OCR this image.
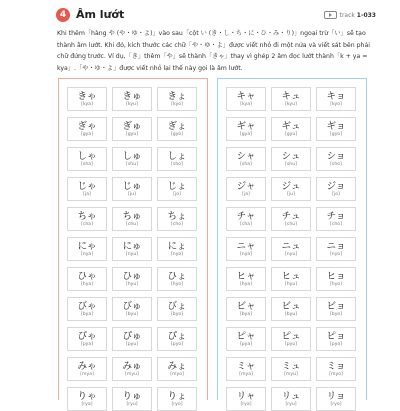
4 Âm lướt	track 1-033
Khi thêm「hàng や (や・ゆ・よ)」vào sau「cột い (き・し・ち・に・ひ・み・り)」ngoại trừ「い」sẽ tạo
thành âm lướt. Khi đó, kích thước các chữ「や・ゆ・よ」được viết nhỏ đi một nửa và viết sát bên phải
chữ đứng trước. Ví dụ,「き」thêm「や」sẽ thành「きゃ」thay vì ghép 2 âm đọc lướt thành「k + ya =
kya」.「や・ゆ・よ」được viết nhỏ lại thế này gọi là âm lướt.
きゃ
[kya]
きゅ
[kyu]
きょ
[kyo]
ぎゃ
[gya]
ぎゅ
[gyu]
ぎょ
[gyo]
しゃ
[sha]
しゅ
[shu]
しょ
[sho]
じゃ
[ja]
じゅ
[ju]
じょ
[jo]
ちゃ
[cha]
ちゅ
[chu]
ちょ
[cho]
にゃ
[nya]
にゅ
[nyu]
にょ
[nyo]
ひゃ
[hya]
ひゅ
[hyu]
ひょ
[hyo]
びゃ
[bya]
びゅ
[byu]
びょ
[byo]
ぴゃ
[pya]
ぴゅ
[pyu]
ぴょ
[pyo]
みゃ
[mya]
みゅ
[myu]
みょ
[myo]
りゃ
[rya]
りゅ
[ryu]
りょ
[ryo]
キャ
[kya]
キュ
[kyu]
キョ
[kyo]
ギャ
[gya]
ギュ
[gyu]
ギョ
[gyo]
シャ
[sha]
シュ
[shu]
ショ
[sho]
ジャ
[ja]
ジュ
[ju]
ジョ
[jo]
チャ
[cha]
チュ
[chu]
チョ
[cho]
ニャ
[nya]
ニュ
[nyu]
ニョ
[nyo]
ヒャ
[hya]
ヒュ
[hyu]
ヒョ
[hyo]
ビャ
[bya]
ビュ
[byu]
ビョ
[byo]
ピャ
[pya]
ピュ
[pyu]
ピョ
[pyo]
ミャ
[mya]
ミュ
[myu]
ミョ
[myo]
リャ
[rya]
リュ
[ryu]
リョ
[ryo]
